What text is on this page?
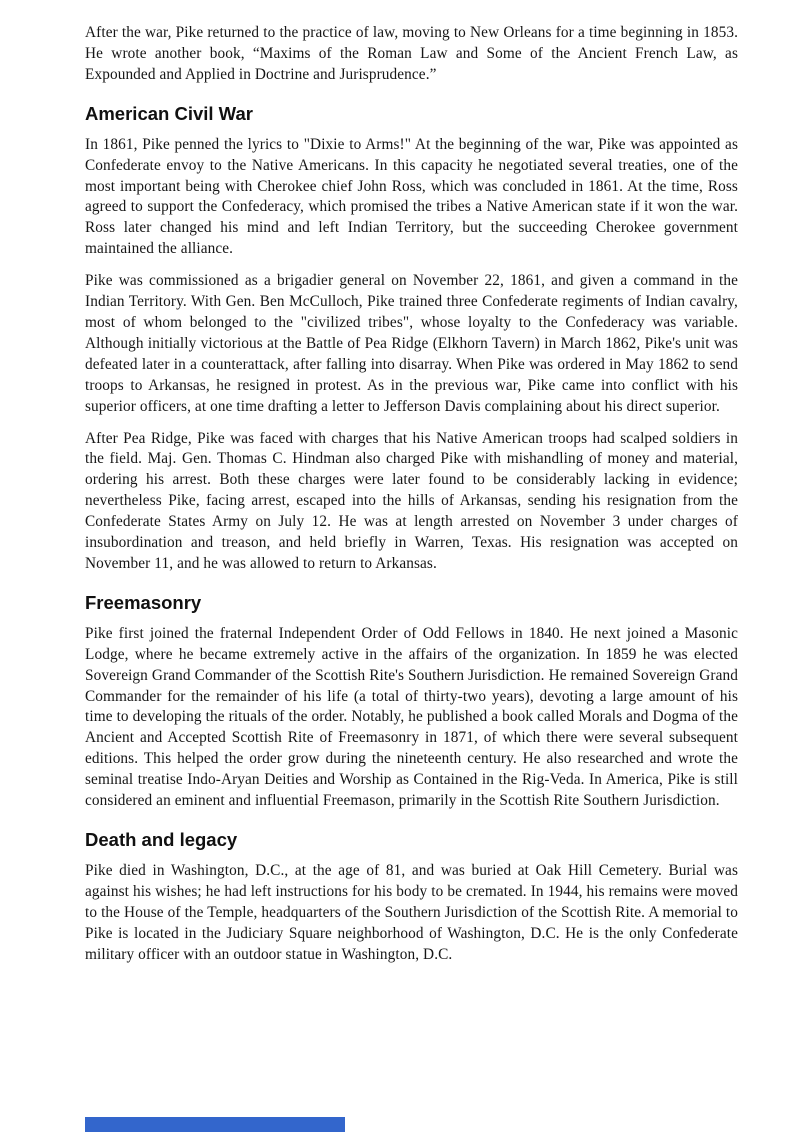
After the war, Pike returned to the practice of law, moving to New Orleans for a time beginning in 1853. He wrote another book, “Maxims of the Roman Law and Some of the Ancient French Law, as Expounded and Applied in Doctrine and Jurisprudence.”

American Civil War

In 1861, Pike penned the lyrics to "Dixie to Arms!" At the beginning of the war, Pike was appointed as Confederate envoy to the Native Americans. In this capacity he negotiated several treaties, one of the most important being with Cherokee chief John Ross, which was concluded in 1861. At the time, Ross agreed to support the Confederacy, which promised the tribes a Native American state if it won the war. Ross later changed his mind and left Indian Territory, but the succeeding Cherokee government maintained the alliance.

Pike was commissioned as a brigadier general on November 22, 1861, and given a command in the Indian Territory. With Gen. Ben McCulloch, Pike trained three Confederate regiments of Indian cavalry, most of whom belonged to the "civilized tribes", whose loyalty to the Confederacy was variable. Although initially victorious at the Battle of Pea Ridge (Elkhorn Tavern) in March 1862, Pike's unit was defeated later in a counterattack, after falling into disarray. When Pike was ordered in May 1862 to send troops to Arkansas, he resigned in protest. As in the previous war, Pike came into conflict with his superior officers, at one time drafting a letter to Jefferson Davis complaining about his direct superior.

After Pea Ridge, Pike was faced with charges that his Native American troops had scalped soldiers in the field. Maj. Gen. Thomas C. Hindman also charged Pike with mishandling of money and material, ordering his arrest. Both these charges were later found to be considerably lacking in evidence; nevertheless Pike, facing arrest, escaped into the hills of Arkansas, sending his resignation from the Confederate States Army on July 12. He was at length arrested on November 3 under charges of insubordination and treason, and held briefly in Warren, Texas. His resignation was accepted on November 11, and he was allowed to return to Arkansas.

Freemasonry

Pike first joined the fraternal Independent Order of Odd Fellows in 1840. He next joined a Masonic Lodge, where he became extremely active in the affairs of the organization. In 1859 he was elected Sovereign Grand Commander of the Scottish Rite's Southern Jurisdiction. He remained Sovereign Grand Commander for the remainder of his life (a total of thirty-two years), devoting a large amount of his time to developing the rituals of the order. Notably, he published a book called Morals and Dogma of the Ancient and Accepted Scottish Rite of Freemasonry in 1871, of which there were several subsequent editions. This helped the order grow during the nineteenth century. He also researched and wrote the seminal treatise Indo-Aryan Deities and Worship as Contained in the Rig-Veda. In America, Pike is still considered an eminent and influential Freemason, primarily in the Scottish Rite Southern Jurisdiction.

Death and legacy

Pike died in Washington, D.C., at the age of 81, and was buried at Oak Hill Cemetery. Burial was against his wishes; he had left instructions for his body to be cremated. In 1944, his remains were moved to the House of the Temple, headquarters of the Southern Jurisdiction of the Scottish Rite. A memorial to Pike is located in the Judiciary Square neighborhood of Washington, D.C. He is the only Confederate military officer with an outdoor statue in Washington, D.C.
